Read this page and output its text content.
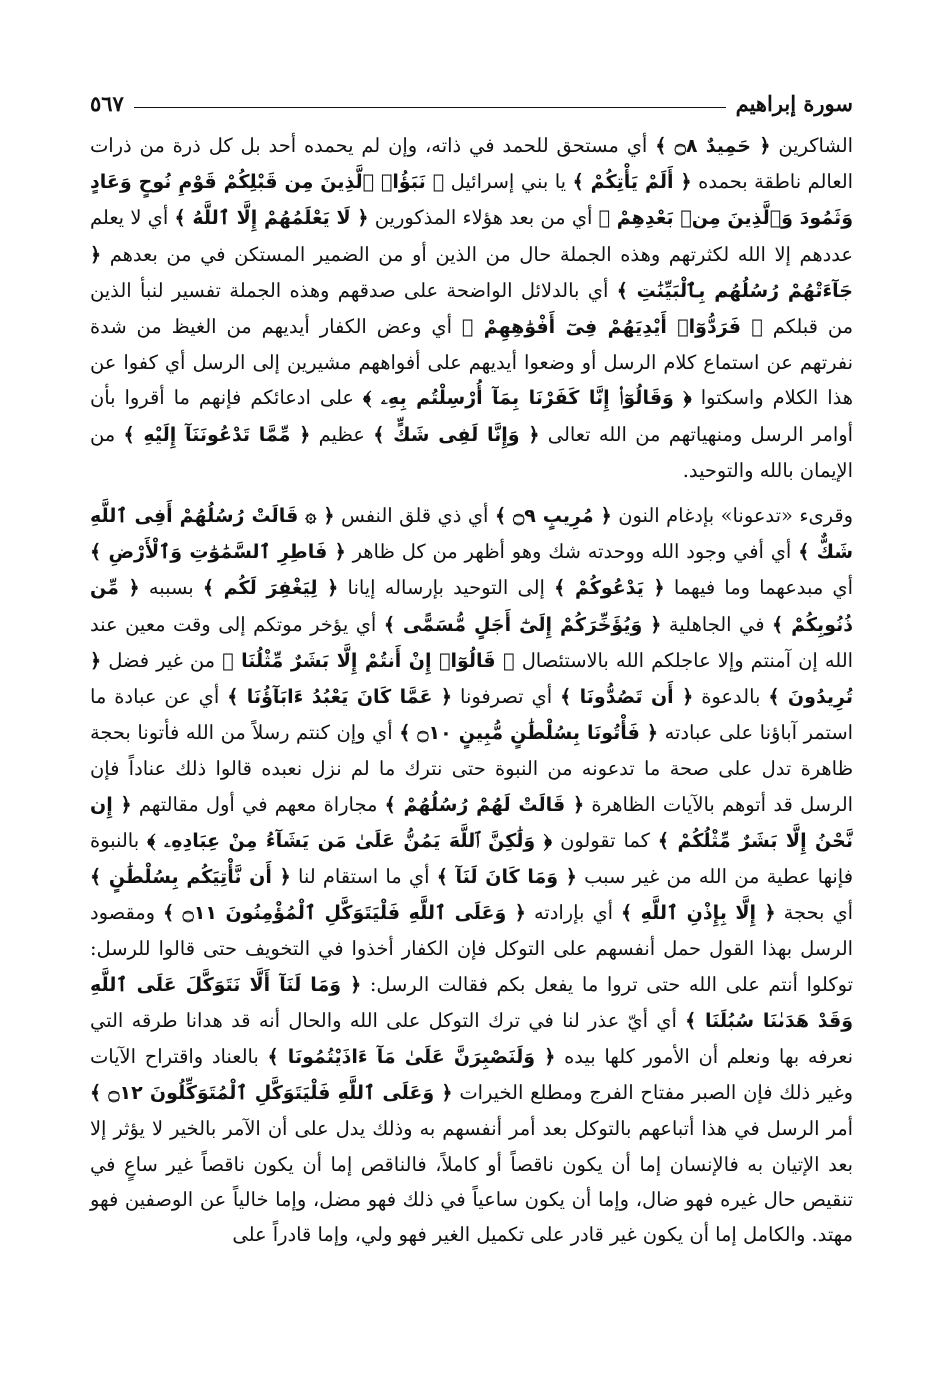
سورة إبراهيم
٥٦٧

الشاكرين ﴿ حَمِيدٌ ۝٨ ﴾ أي مستحق للحمد في ذاته، وإن لم يحمده أحد بل كل ذرة من ذرات العالم ناطقة بحمده ﴿ أَلَمْ يَأْتِكُمْ ﴾ يا بني إسرائيل ﴿ نَبَؤُا۟ ٱلَّذِينَ مِن قَبْلِكُمْ قَوْمِ نُوحٍ وَعَادٍ وَثَمُودَ وَٱلَّذِينَ مِنۢ بَعْدِهِمْ ﴾ أي من بعد هؤلاء المذكورين ﴿ لَا يَعْلَمُهُمْ إِلَّا ٱللَّهُ ﴾ أي لا يعلم عددهم إلا الله لكثرتهم وهذه الجملة حال من الذين أو من الضمير المستكن في من بعدهم ﴿ جَآءَتْهُمْ رُسُلُهُم بِٱلْبَيِّنَٰتِ ﴾ أي بالدلائل الواضحة على صدقهم وهذه الجملة تفسير لنبأ الذين من قبلكم ﴿ فَرَدُّوٓا۟ أَيْدِيَهُمْ فِىٓ أَفْوَٰهِهِمْ ﴾ أي وعض الكفار أيديهم من الغيظ من شدة نفرتهم عن استماع كلام الرسل أو وضعوا أيديهم على أفواههم مشيرين إلى الرسل أي كفوا عن هذا الكلام واسكتوا ﴿ وَقَالُوٓا۟ إِنَّا كَفَرْنَا بِمَآ أُرْسِلْتُم بِهِۦ ﴾ على ادعائكم فإنهم ما أقروا بأن أوامر الرسل ومنهياتهم من الله تعالى ﴿ وَإِنَّا لَفِى شَكٍّ ﴾ عظيم ﴿ مِّمَّا تَدْعُونَنَآ إِلَيْهِ ﴾ من الإيمان بالله والتوحيد.

وقرىء «تدعونا» بإدغام النون ﴿ مُرِيبٍ ۝٩ ﴾ أي ذي قلق النفس ﴿ ۞ قَالَتْ رُسُلُهُمْ أَفِى ٱللَّهِ شَكٌّ ﴾ أي أفي وجود الله ووحدته شك وهو أظهر من كل ظاهر ﴿ فَاطِرِ ٱلسَّمَٰوَٰتِ وَٱلْأَرْضِ ﴾ أي مبدعهما وما فيهما ﴿ يَدْعُوكُمْ ﴾ إلى التوحيد بإرساله إيانا ﴿ لِيَغْفِرَ لَكُم ﴾ بسببه ﴿ مِّن ذُنُوبِكُمْ ﴾ في الجاهلية ﴿ وَيُؤَخِّرَكُمْ إِلَىٰٓ أَجَلٍ مُّسَمًّى ﴾ أي يؤخر موتكم إلى وقت معين عند الله إن آمنتم وإلا عاجلكم الله بالاستئصال ﴿ قَالُوٓا۟ إِنْ أَنتُمْ إِلَّا بَشَرٌ مِّثْلُنَا ﴾ من غير فضل ﴿ تُرِيدُونَ ﴾ بالدعوة ﴿ أَن تَصُدُّونَا ﴾ أي تصرفونا ﴿ عَمَّا كَانَ يَعْبُدُ ءَابَآؤُنَا ﴾ أي عن عبادة ما استمر آباؤنا على عبادته ﴿ فَأْتُونَا بِسُلْطَٰنٍ مُّبِينٍ ۝١٠ ﴾ أي وإن كنتم رسلاً من الله فأتونا بحجة ظاهرة تدل على صحة ما تدعونه من النبوة حتى نترك ما لم نزل نعبده قالوا ذلك عناداً فإن الرسل قد أتوهم بالآيات الظاهرة ﴿ قَالَتْ لَهُمْ رُسُلُهُمْ ﴾ مجاراة معهم في أول مقالتهم ﴿ إِن نَّحْنُ إِلَّا بَشَرٌ مِّثْلُكُمْ ﴾ كما تقولون ﴿ وَلَٰكِنَّ ٱللَّهَ يَمُنُّ عَلَىٰ مَن يَشَآءُ مِنْ عِبَادِهِۦ ﴾ بالنبوة فإنها عطية من الله من غير سبب ﴿ وَمَا كَانَ لَنَآ ﴾ أي ما استقام لنا ﴿ أَن نَّأْتِيَكُم بِسُلْطَٰنٍ ﴾ أي بحجة ﴿ إِلَّا بِإِذْنِ ٱللَّهِ ﴾ أي بإرادته ﴿ وَعَلَى ٱللَّهِ فَلْيَتَوَكَّلِ ٱلْمُؤْمِنُونَ ۝١١ ﴾ ومقصود الرسل بهذا القول حمل أنفسهم على التوكل فإن الكفار أخذوا في التخويف حتى قالوا للرسل: توكلوا أنتم على الله حتى تروا ما يفعل بكم فقالت الرسل: ﴿ وَمَا لَنَآ أَلَّا نَتَوَكَّلَ عَلَى ٱللَّهِ وَقَدْ هَدَىٰنَا سُبُلَنَا ﴾ أي أيّ عذر لنا في ترك التوكل على الله والحال أنه قد هدانا طرقه التي نعرفه بها ونعلم أن الأمور كلها بيده ﴿ وَلَنَصْبِرَنَّ عَلَىٰ مَآ ءَاذَيْتُمُونَا ﴾ بالعناد واقتراح الآيات وغير ذلك فإن الصبر مفتاح الفرج ومطلع الخيرات ﴿ وَعَلَى ٱللَّهِ فَلْيَتَوَكَّلِ ٱلْمُتَوَكِّلُونَ ۝١٢ ﴾ أمر الرسل في هذا أتباعهم بالتوكل بعد أمر أنفسهم به وذلك يدل على أن الآمر بالخير لا يؤثر إلا بعد الإتيان به فالإنسان إما أن يكون ناقصاً أو كاملاً، فالناقص إما أن يكون ناقصاً غير ساعٍ في تنقيص حال غيره فهو ضال، وإما أن يكون ساعياً في ذلك فهو مضل، وإما خالياً عن الوصفين فهو مهتد. والكامل إما أن يكون غير قادر على تكميل الغير فهو ولي، وإما قادراً على
